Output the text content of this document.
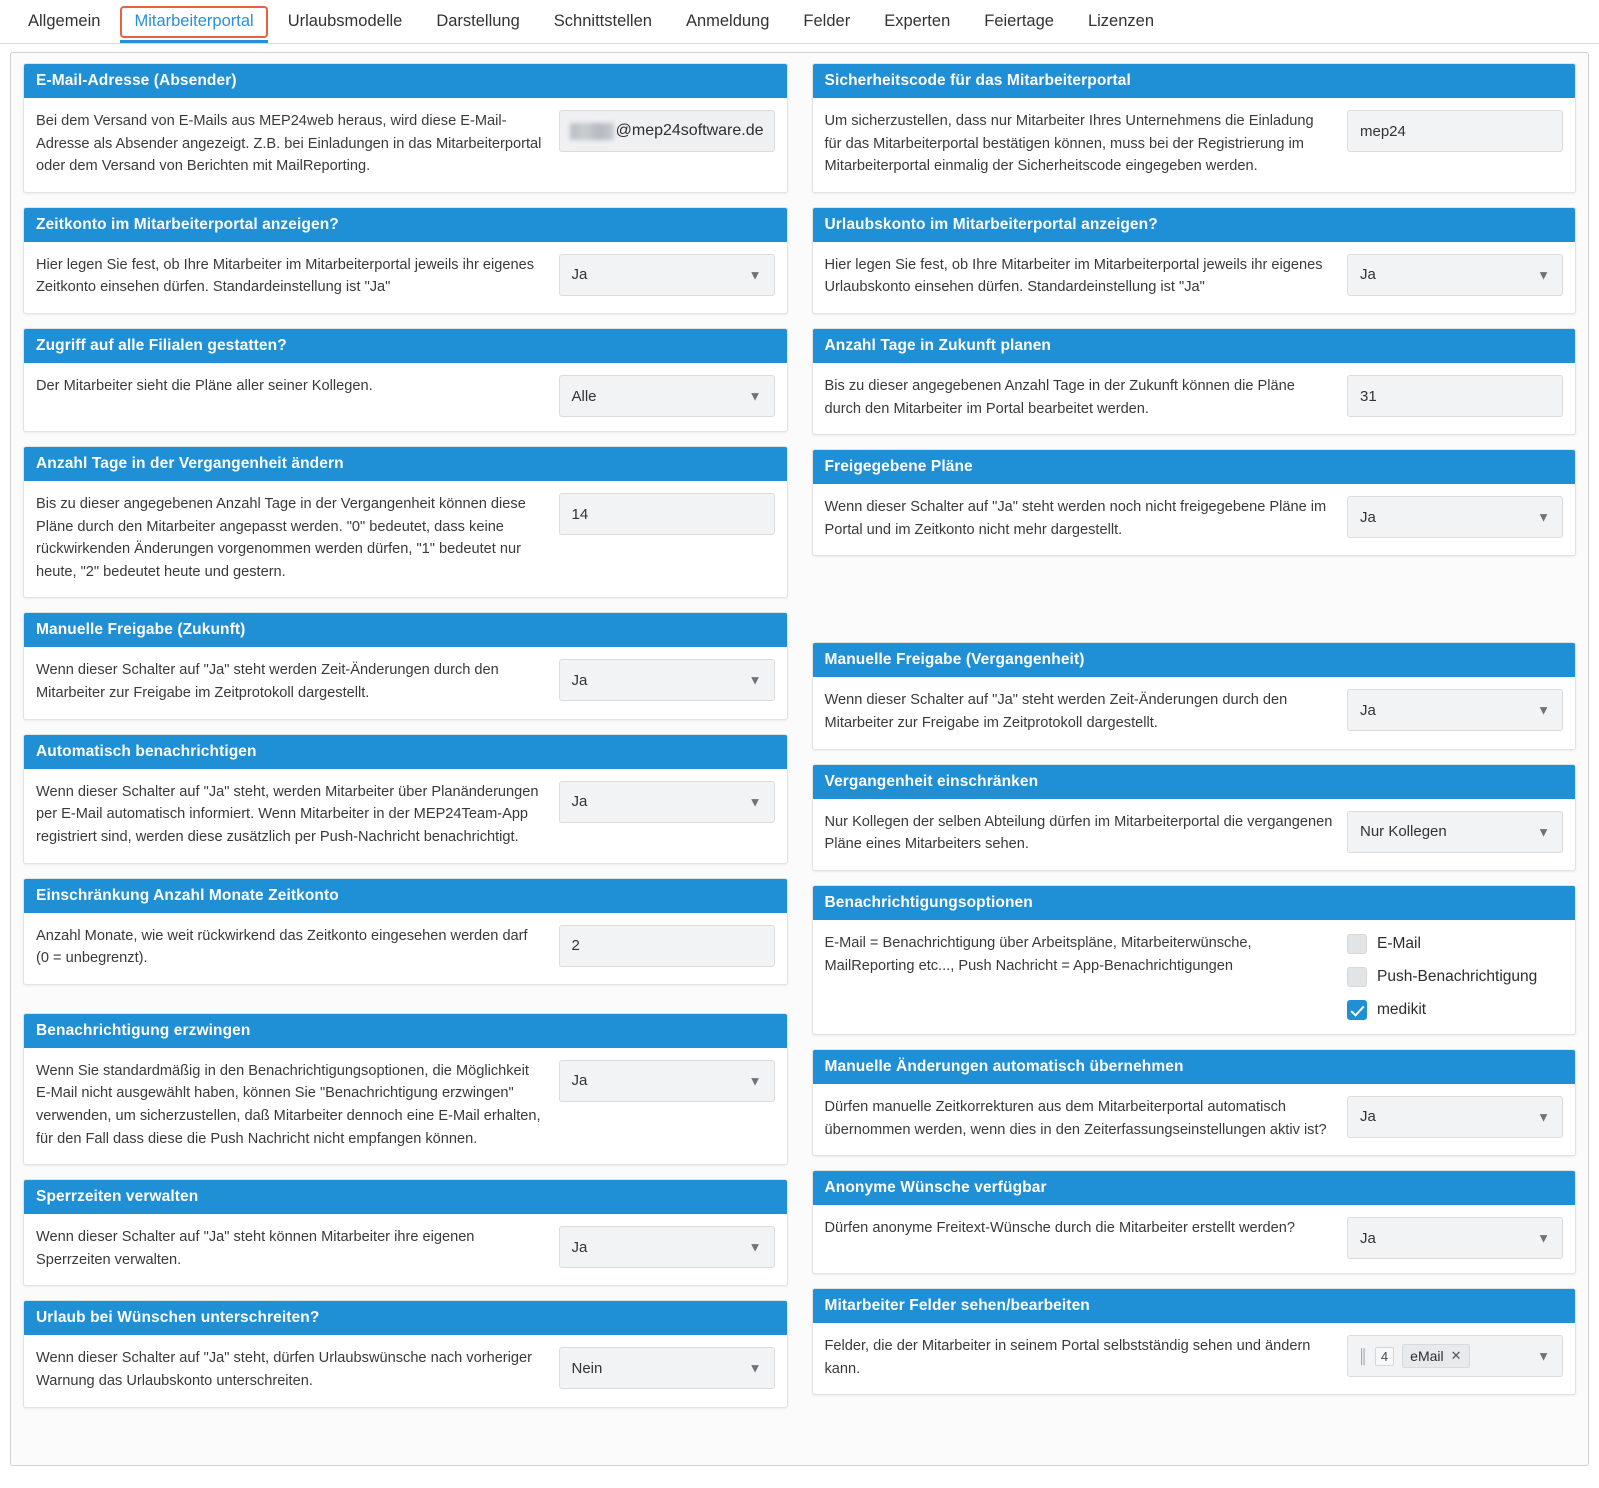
Allgemein	Mitarbeiterportal	Urlaubsmodelle	Darstellung	Schnittstellen	Anmeldung	Felder	Experten	Feiertage	Lizenzen
E-Mail-Adresse (Absender)
Bei dem Versand von E-Mails aus MEP24web heraus, wird diese E-Mail-Adresse als Absender angezeigt. Z.B. bei Einladungen in das Mitarbeiterportal oder dem Versand von Berichten mit MailReporting.
@mep24software.de
Zeitkonto im Mitarbeiterportal anzeigen?
Hier legen Sie fest, ob Ihre Mitarbeiter im Mitarbeiterportal jeweils ihr eigenes Zeitkonto einsehen dürfen. Standardeinstellung ist "Ja"
Ja	▼
Zugriff auf alle Filialen gestatten?
Der Mitarbeiter sieht die Pläne aller seiner Kollegen.
Alle	▼
Anzahl Tage in der Vergangenheit ändern
Bis zu dieser angegebenen Anzahl Tage in der Vergangenheit können diese Pläne durch den Mitarbeiter angepasst werden. "0" bedeutet, dass keine rückwirkenden Änderungen vorgenommen werden dürfen, "1" bedeutet nur heute, "2" bedeutet heute und gestern.
14
Manuelle Freigabe (Zukunft)
Wenn dieser Schalter auf "Ja" steht werden Zeit-Änderungen durch den Mitarbeiter zur Freigabe im Zeitprotokoll dargestellt.
Ja	▼
Automatisch benachrichtigen
Wenn dieser Schalter auf "Ja" steht, werden Mitarbeiter über Planänderungen per E-Mail automatisch informiert. Wenn Mitarbeiter in der MEP24Team-App registriert sind, werden diese zusätzlich per Push-Nachricht benachrichtigt.
Ja	▼
Einschränkung Anzahl Monate Zeitkonto
Anzahl Monate, wie weit rückwirkend das Zeitkonto eingesehen werden darf (0 = unbegrenzt).
2
Benachrichtigung erzwingen
Wenn Sie standardmäßig in den Benachrichtigungsoptionen, die Möglichkeit E-Mail nicht ausgewählt haben, können Sie "Benachrichtigung erzwingen" verwenden, um sicherzustellen, daß Mitarbeiter dennoch eine E-Mail erhalten, für den Fall dass diese die Push Nachricht nicht empfangen können.
Ja	▼
Sperrzeiten verwalten
Wenn dieser Schalter auf "Ja" steht können Mitarbeiter ihre eigenen Sperrzeiten verwalten.
Ja	▼
Urlaub bei Wünschen unterschreiten?
Wenn dieser Schalter auf "Ja" steht, dürfen Urlaubswünsche nach vorheriger Warnung das Urlaubskonto unterschreiten.
Nein	▼
Sicherheitscode für das Mitarbeiterportal
Um sicherzustellen, dass nur Mitarbeiter Ihres Unternehmens die Einladung für das Mitarbeiterportal bestätigen können, muss bei der Registrierung im Mitarbeiterportal einmalig der Sicherheitscode eingegeben werden.
mep24
Urlaubskonto im Mitarbeiterportal anzeigen?
Hier legen Sie fest, ob Ihre Mitarbeiter im Mitarbeiterportal jeweils ihr eigenes Urlaubskonto einsehen dürfen. Standardeinstellung ist "Ja"
Ja	▼
Anzahl Tage in Zukunft planen
Bis zu dieser angegebenen Anzahl Tage in der Zukunft können die Pläne durch den Mitarbeiter im Portal bearbeitet werden.
31
Freigegebene Pläne
Wenn dieser Schalter auf "Ja" steht werden noch nicht freigegebene Pläne im Portal und im Zeitkonto nicht mehr dargestellt.
Ja	▼
Manuelle Freigabe (Vergangenheit)
Wenn dieser Schalter auf "Ja" steht werden Zeit-Änderungen durch den Mitarbeiter zur Freigabe im Zeitprotokoll dargestellt.
Ja	▼
Vergangenheit einschränken
Nur Kollegen der selben Abteilung dürfen im Mitarbeiterportal die vergangenen Pläne eines Mitarbeiters sehen.
Nur Kollegen	▼
Benachrichtigungsoptionen
E-Mail = Benachrichtigung über Arbeitspläne, Mitarbeiterwünsche, MailReporting etc..., Push Nachricht = App-Benachrichtigungen
E-Mail
Push-Benachrichtigung
medikit
Manuelle Änderungen automatisch übernehmen
Dürfen manuelle Zeitkorrekturen aus dem Mitarbeiterportal automatisch übernommen werden, wenn dies in den Zeiterfassungseinstellungen aktiv ist?
Ja	▼
Anonyme Wünsche verfügbar
Dürfen anonyme Freitext-Wünsche durch die Mitarbeiter erstellt werden?
Ja	▼
Mitarbeiter Felder sehen/bearbeiten
Felder, die der Mitarbeiter in seinem Portal selbstständig sehen und ändern kann.
║	4	eMail ✕	▼
